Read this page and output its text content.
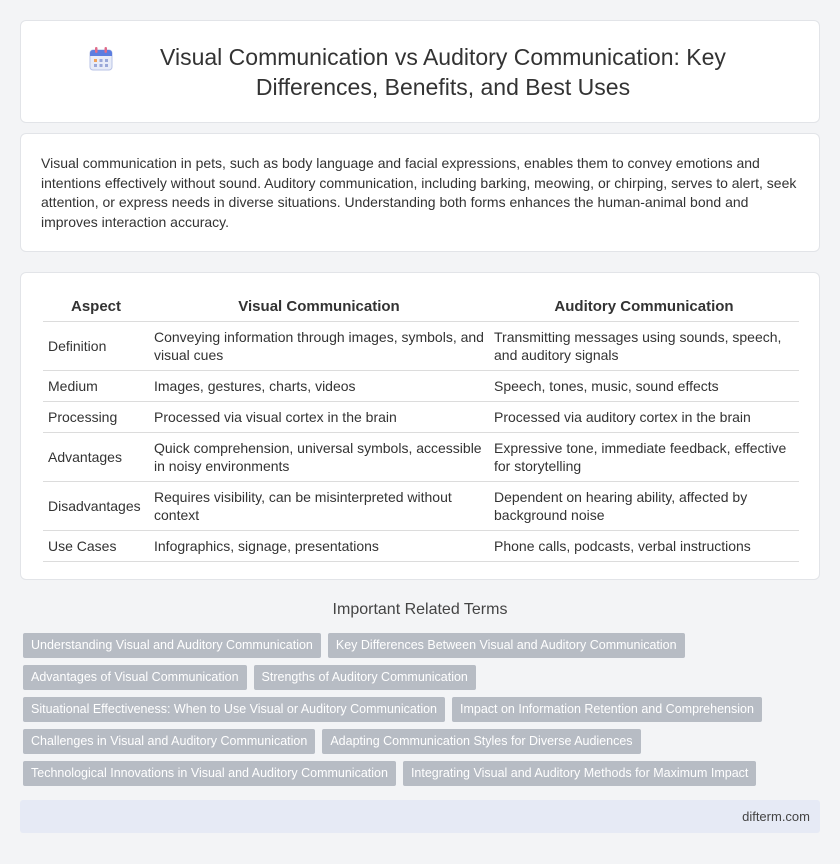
Visual Communication vs Auditory Communication: Key Differences, Benefits, and Best Uses

Visual communication in pets, such as body language and facial expressions, enables them to convey emotions and intentions effectively without sound. Auditory communication, including barking, meowing, or chirping, serves to alert, seek attention, or express needs in diverse situations. Understanding both forms enhances the human-animal bond and improves interaction accuracy.

Aspect	Visual Communication	Auditory Communication
Definition	Conveying information through images, symbols, and visual cues	Transmitting messages using sounds, speech, and auditory signals
Medium	Images, gestures, charts, videos	Speech, tones, music, sound effects
Processing	Processed via visual cortex in the brain	Processed via auditory cortex in the brain
Advantages	Quick comprehension, universal symbols, accessible in noisy environments	Expressive tone, immediate feedback, effective for storytelling
Disadvantages	Requires visibility, can be misinterpreted without context	Dependent on hearing ability, affected by background noise
Use Cases	Infographics, signage, presentations	Phone calls, podcasts, verbal instructions
Important Related Terms
Understanding Visual and Auditory Communication	Key Differences Between Visual and Auditory Communication
Advantages of Visual Communication	Strengths of Auditory Communication
Situational Effectiveness: When to Use Visual or Auditory Communication	Impact on Information Retention and Comprehension
Challenges in Visual and Auditory Communication	Adapting Communication Styles for Diverse Audiences
Technological Innovations in Visual and Auditory Communication	Integrating Visual and Auditory Methods for Maximum Impact
difterm.com
